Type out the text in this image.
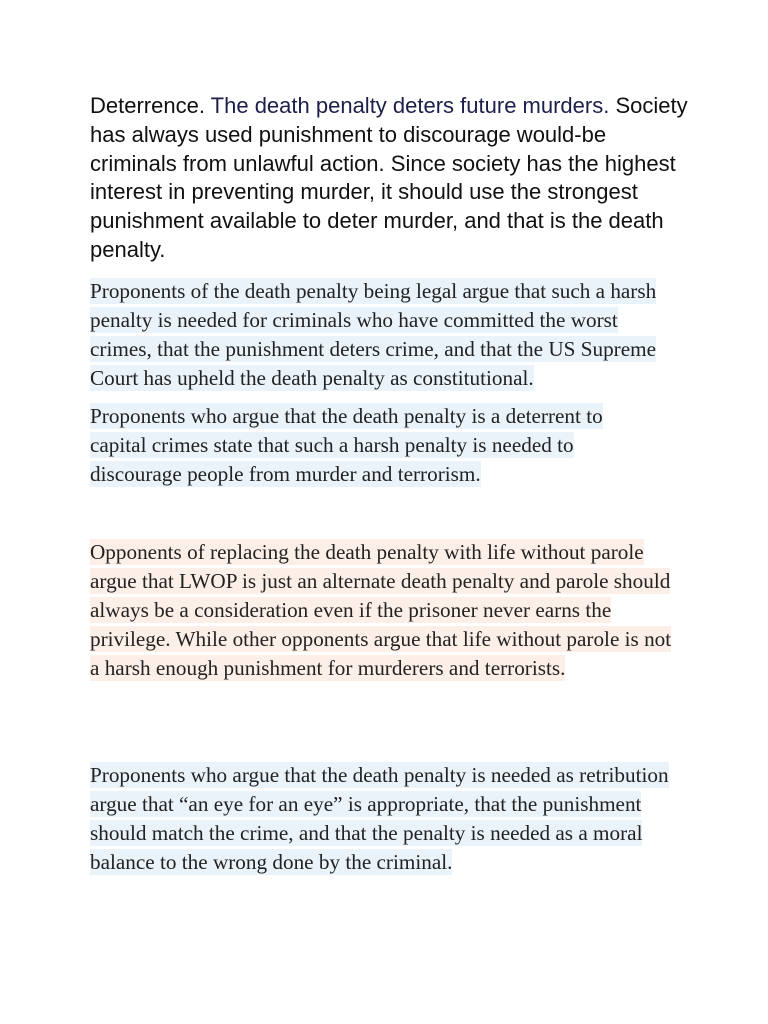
Deterrence. The death penalty deters future murders. Society has always used punishment to discourage would-be criminals from unlawful action. Since society has the highest interest in preventing murder, it should use the strongest punishment available to deter murder, and that is the death penalty.

Proponents of the death penalty being legal argue that such a harsh penalty is needed for criminals who have committed the worst crimes, that the punishment deters crime, and that the US Supreme Court has upheld the death penalty as constitutional.

Proponents who argue that the death penalty is a deterrent to capital crimes state that such a harsh penalty is needed to discourage people from murder and terrorism.

Opponents of replacing the death penalty with life without parole argue that LWOP is just an alternate death penalty and parole should always be a consideration even if the prisoner never earns the privilege. While other opponents argue that life without parole is not a harsh enough punishment for murderers and terrorists.

Proponents who argue that the death penalty is needed as retribution argue that “an eye for an eye” is appropriate, that the punishment should match the crime, and that the penalty is needed as a moral balance to the wrong done by the criminal.
